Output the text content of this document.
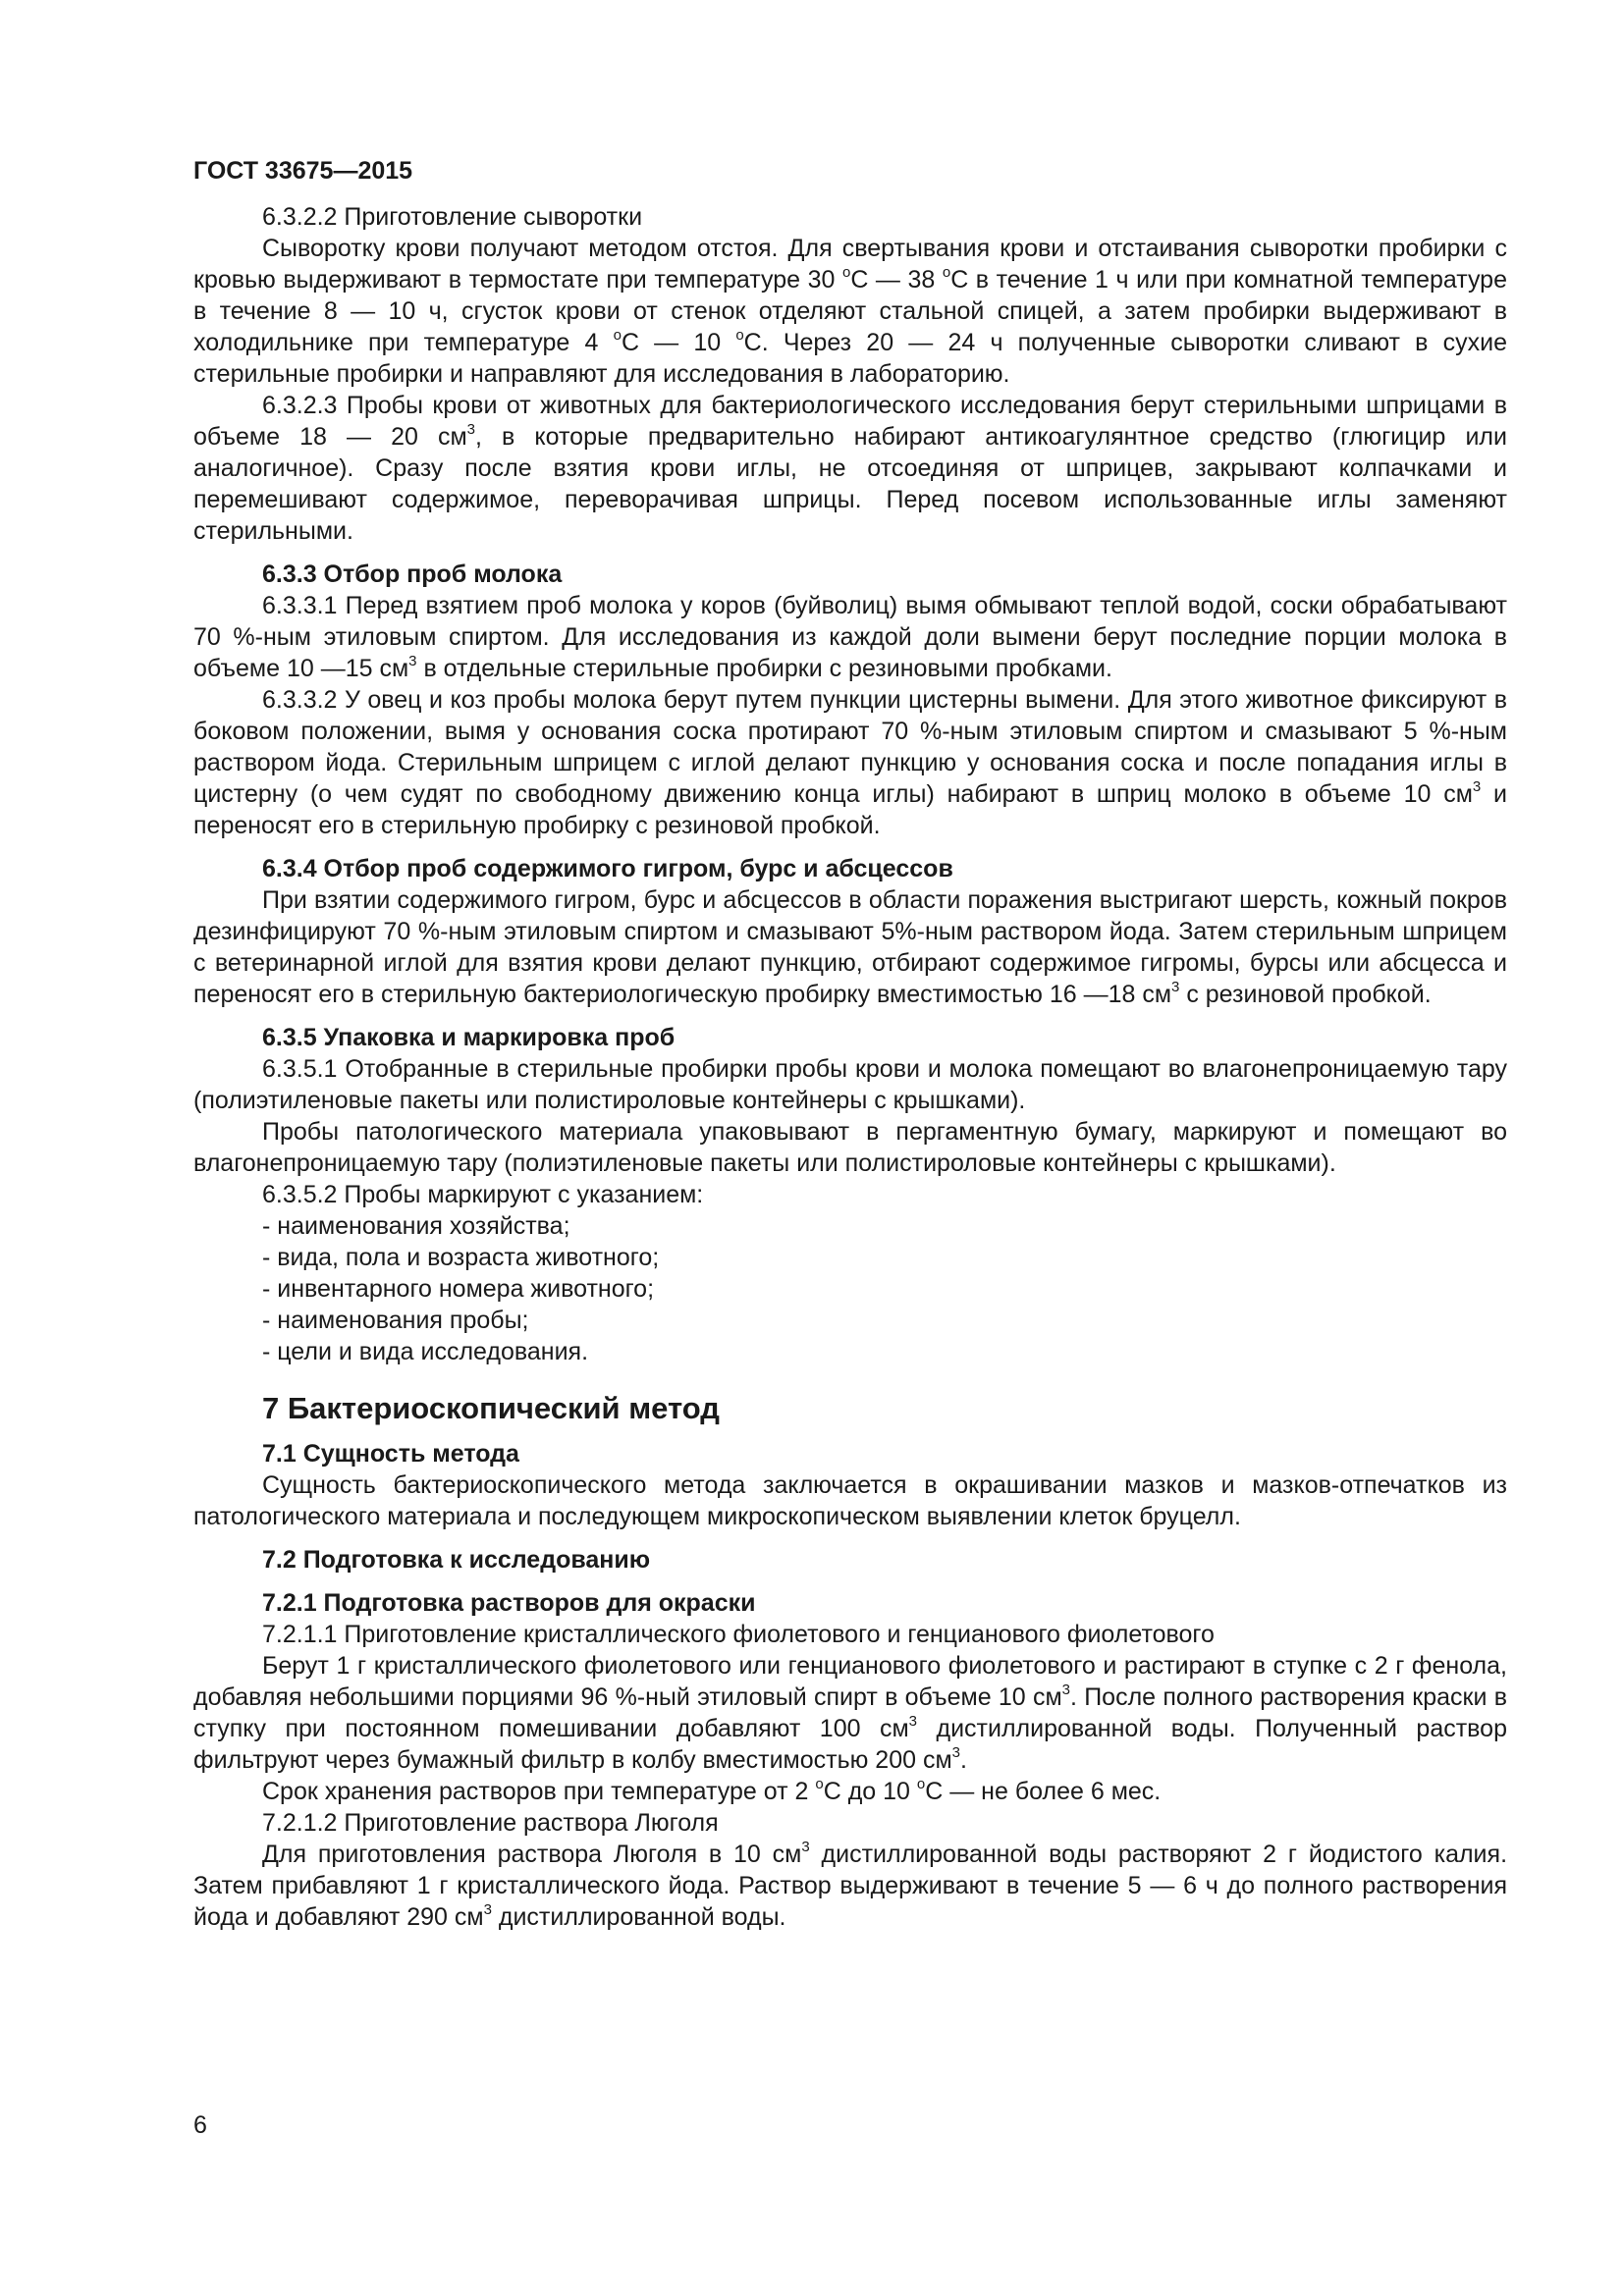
ГОСТ 33675—2015

6.3.2.2 Приготовление сыворотки

Сыворотку крови получают методом отстоя. Для свертывания крови и отстаивания сыворотки пробирки с кровью выдерживают в термостате при температуре 30 $^о$С — 38 $^о$С в течение 1 ч или при комнатной температуре в течение 8 — 10 ч, сгусток крови от стенок отделяют стальной спицей, а затем пробирки выдерживают в холодильнике при температуре 4 $^о$С — 10 $^о$С. Через 20 — 24 ч полученные сыворотки сливают в сухие стерильные пробирки и направляют для исследования в лабораторию.

6.3.2.3 Пробы крови от животных для бактериологического исследования берут стерильными шприцами в объеме 18 — 20 $см^3$, в которые предварительно набирают антикоагулянтное средство (глюгицир или аналогичное). Сразу после взятия крови иглы, не отсоединяя от шприцев, закрывают колпачками и перемешивают содержимое, переворачивая шприцы. Перед посевом использованные иглы заменяют стерильными.

6.3.3 Отбор проб молока

6.3.3.1 Перед взятием проб молока у коров (буйволиц) вымя обмывают теплой водой, соски обрабатывают 70 %-ным этиловым спиртом. Для исследования из каждой доли вымени берут последние порции молока в объеме 10 —15 $см^3$ в отдельные стерильные пробирки с резиновыми пробками.

6.3.3.2 У овец и коз пробы молока берут путем пункции цистерны вымени. Для этого животное фиксируют в боковом положении, вымя у основания соска протирают 70 %-ным этиловым спиртом и смазывают 5 %-ным раствором йода. Стерильным шприцем с иглой делают пункцию у основания соска и после попадания иглы в цистерну (о чем судят по свободному движению конца иглы) набирают в шприц молоко в объеме 10 $см^3$ и переносят его в стерильную пробирку с резиновой пробкой.

6.3.4 Отбор проб содержимого гигром, бурс и абсцессов

При взятии содержимого гигром, бурс и абсцессов в области поражения выстригают шерсть, кожный покров дезинфицируют 70 %-ным этиловым спиртом и смазывают 5%-ным раствором йода. Затем стерильным шприцем с ветеринарной иглой для взятия крови делают пункцию, отбирают содержимое гигромы, бурсы или абсцесса и переносят его в стерильную бактериологическую пробирку вместимостью 16 —18 $см^3$ с резиновой пробкой.

6.3.5 Упаковка и маркировка проб

6.3.5.1 Отобранные в стерильные пробирки пробы крови и молока помещают во влагонепроницаемую тару (полиэтиленовые пакеты или полистироловые контейнеры с крышками).

Пробы патологического материала упаковывают в пергаментную бумагу, маркируют и помещают во влагонепроницаемую тару (полиэтиленовые пакеты или полистироловые контейнеры с крышками).

6.3.5.2 Пробы маркируют с указанием:

- наименования хозяйства;

- вида, пола и возраста животного;

- инвентарного номера животного;

- наименования пробы;

- цели и вида исследования.

7 Бактериоскопический метод
7.1 Сущность метода

Сущность бактериоскопического метода заключается в окрашивании мазков и мазков-отпечатков из патологического материала и последующем микроскопическом выявлении клеток бруцелл.

7.2 Подготовка к исследованию
7.2.1 Подготовка растворов для окраски

7.2.1.1 Приготовление кристаллического фиолетового и генцианового фиолетового

Берут 1 г кристаллического фиолетового или генцианового фиолетового и растирают в ступке с 2 г фенола, добавляя небольшими порциями 96 %-ный этиловый спирт в объеме 10 $см^3$. После полного растворения краски в ступку при постоянном помешивании добавляют 100 $см^3$ дистиллированной воды. Полученный раствор фильтруют через бумажный фильтр в колбу вместимостью 200 $см^3$.

Срок хранения растворов при температуре от 2 $^о$С до 10 $^о$С — не более 6 мес.

7.2.1.2 Приготовление раствора Люголя

Для приготовления раствора Люголя в 10 $см^3$ дистиллированной воды растворяют 2 г йодистого калия. Затем прибавляют 1 г кристаллического йода. Раствор выдерживают в течение 5 — 6 ч до полного растворения йода и добавляют 290 $см^3$ дистиллированной воды.

6
